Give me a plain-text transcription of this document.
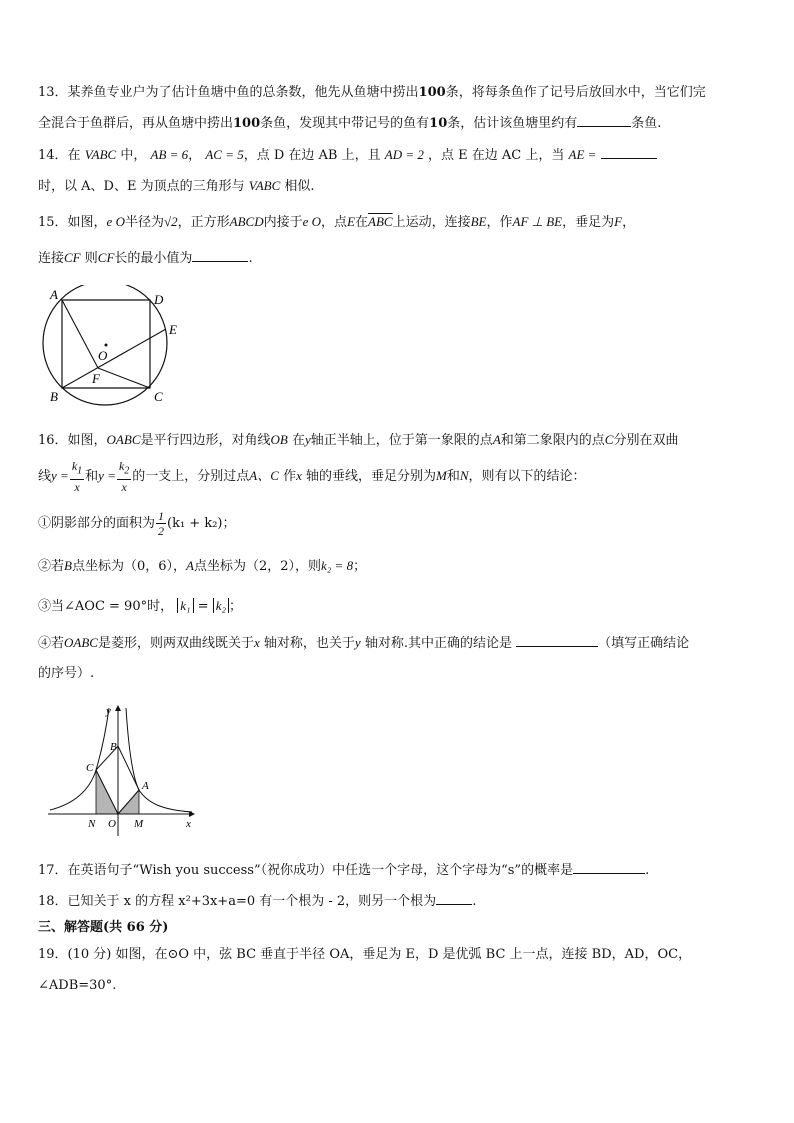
13．某养鱼专业户为了估计鱼塘中鱼的总条数，他先从鱼塘中捞出100条，将每条鱼作了记号后放回水中，当它们完
全混合于鱼群后，再从鱼塘中捞出100条鱼，发现其中带记号的鱼有10条，估计该鱼塘里约有	条鱼.
14．在 VABC 中， AB = 6， AC = 5，点 D 在边 AB 上，且 AD = 2 ，点 E 在边 AC 上，当 AE =
时，以 A、D、E 为顶点的三角形与 VABC 相似.
15．如图，e O半径为√2，正方形ABCD内接于e O，点E在$\overline{ABC}$上运动，连接BE，作AF ⊥ BE，垂足为F，
连接CF 则CF长的最小值为	.
A	D
E
O
F
B	C
16．如图，OABC是平行四边形，对角线OB 在y轴正半轴上，位于第一象限的点A和第二象限内的点C分别在双曲
线$y = \frac{k_1}{x}$ 和$y = \frac{k_2}{x}$ 的一支上，分别过点A、C 作x 轴的垂线，垂足分别为M和N，则有以下的结论：
①阴影部分的面积为 $\frac{1}{2} (k_1 + k_2)$；
②若B点坐标为（0，6），A点坐标为（2，2），则k₂ = 8；
③当∠AOC = 90°时， k₁ = k₂ ；
④若OABC是菱形，则两双曲线既关于x 轴对称，也关于y 轴对称.其中正确的结论是	（填写正确结论
的序号）.
y
x
B
C
A
N O M
17．在英语句子“Wish you success”（祝你成功）中任选一个字母，这个字母为“s”的概率是	.
18．已知关于 x 的方程 x²+3x+a=0 有一个根为 - 2，则另一个根为	.
三、解答题(共 66 分)
19．(10 分) 如图，在⊙O 中，弦 BC 垂直于半径 OA，垂足为 E，D 是优弧 BC 上一点，连接 BD，AD，OC，
∠ADB=30°.
